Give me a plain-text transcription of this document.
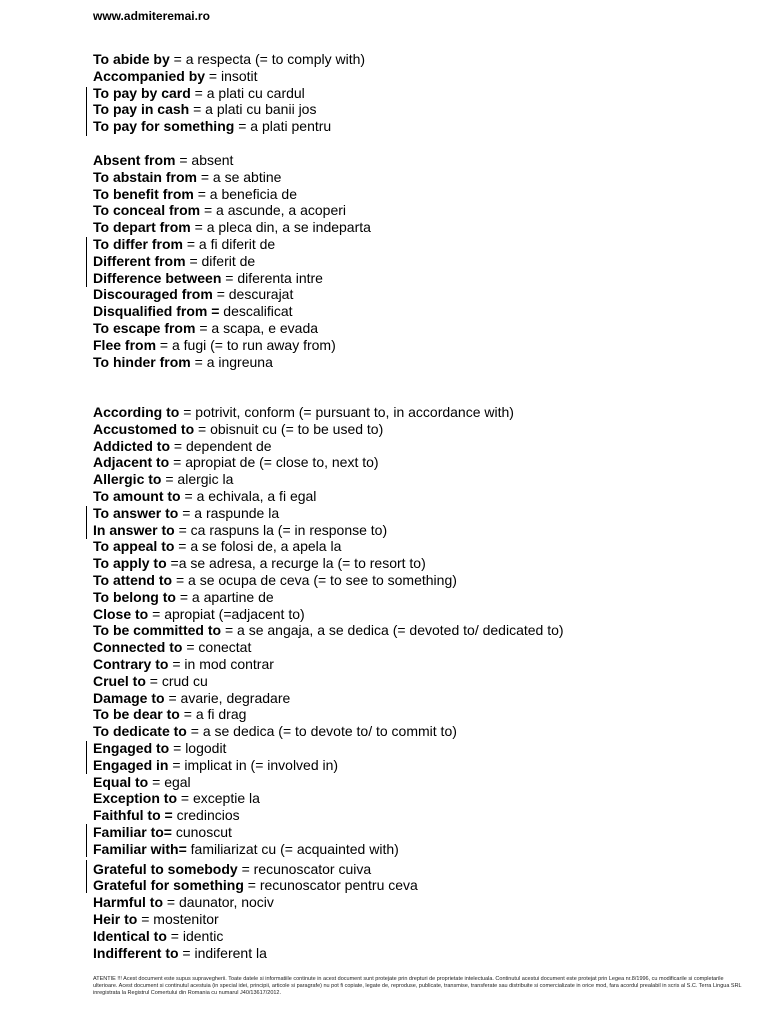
www.admiteremai.ro
To abide by = a respecta (= to comply with)
Accompanied by = insotit
To pay by card = a plati cu cardul
To pay in cash = a plati cu banii jos
To pay for something = a plati pentru
Absent from = absent
To abstain from = a se abtine
To benefit from = a beneficia de
To conceal from = a ascunde, a acoperi
To depart from = a pleca din, a se indeparta
To differ from = a fi diferit de
Different from = diferit de
Difference between = diferenta intre
Discouraged from = descurajat
Disqualified from = descalificat
To escape from = a scapa, e evada
Flee from = a fugi (= to run away from)
To hinder from = a ingreuna
According to = potrivit, conform (= pursuant to, in accordance with)
Accustomed to = obisnuit cu (= to be used to)
Addicted to = dependent de
Adjacent to = apropiat de (= close to, next to)
Allergic to = alergic la
To amount to = a echivala, a fi egal
To answer to = a raspunde la
In answer to = ca raspuns la (= in response to)
To appeal to = a se folosi de, a apela la
To apply to =a se adresa, a recurge la (= to resort to)
To attend to = a se ocupa de ceva (= to see to something)
To belong to = a apartine de
Close to = apropiat (=adjacent to)
To be committed to = a se angaja, a se dedica (= devoted to/ dedicated to)
Connected to = conectat
Contrary to = in mod contrar
Cruel to = crud cu
Damage to = avarie, degradare
To be dear to = a fi drag
To dedicate to = a se dedica (= to devote to/ to commit to)
Engaged to = logodit
Engaged in = implicat in (= involved in)
Equal to = egal
Exception to = exceptie la
Faithful to = credincios
Familiar to= cunoscut
Familiar with= familiarizat cu (= acquainted with)
Grateful to somebody = recunoscator cuiva
Grateful for something = recunoscator pentru ceva
Harmful to = daunator, nociv
Heir to = mostenitor
Identical to = identic
Indifferent to = indiferent la
ATENTIE !!! Acest document este supus supravegherii. Toate datele si informatiile continute in acest document sunt protejate prin drepturi de proprietate intelectuala. Continutul acestui document este protejat prin Legea nr.8/1996, cu modificarile si completarile ulterioare. Acest document si continutul acestuia (in special idei, principii, articole si paragrafe) nu pot fi copiate, legate de, reproduse, publicate, transmise, transferate sau distribuite si comercializate in orice mod, fara acordul prealabil in scris al S.C. Terra Lingua SRL inregistrata la Registrul Comertului din Romania cu numarul J40/13617/2012.
